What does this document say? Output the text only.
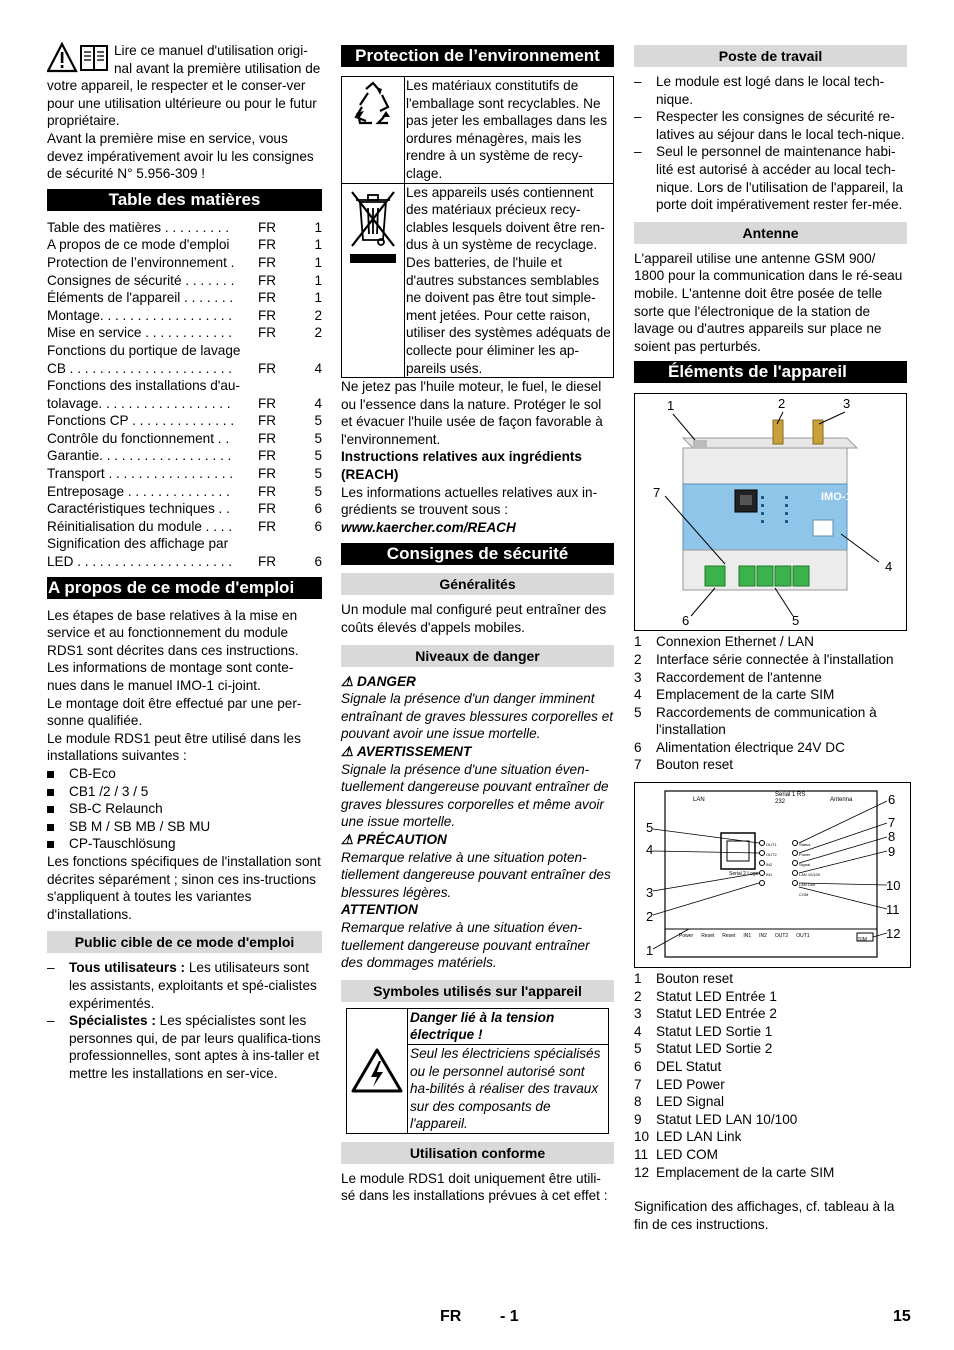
Lire ce manuel d'utilisation origi-nal avant la première utilisation de votre appareil, le respecter et le conser-ver pour une utilisation ultérieure ou pour le futur propriétaire.

Avant la première mise en service, vous devez impérativement avoir lu les consignes de sécurité N° 5.956-309 !

Table des matières
Table des matières . . . . . . . . .	FR	1
A propos de ce mode d'emploi	FR	1
Protection de l’environnement .	FR	1
Consignes de sécurité . . . . . . .	FR	1
Éléments de l'appareil . . . . . . .	FR	1
Montage. . . . . . . . . . . . . . . . . .	FR	2
Mise en service . . . . . . . . . . . .	FR	2
Fonctions du portique de lavage
CB . . . . . . . . . . . . . . . . . . . . . .	FR	4
Fonctions des installations d'au-
tolavage. . . . . . . . . . . . . . . . . .	FR	4
Fonctions CP . . . . . . . . . . . . . .	FR	5
Contrôle du fonctionnement . .	FR	5
Garantie. . . . . . . . . . . . . . . . . .	FR	5
Transport . . . . . . . . . . . . . . . . .	FR	5
Entreposage . . . . . . . . . . . . . .	FR	5
Caractéristiques techniques . .	FR	6
Réinitialisation du module . . . .	FR	6
Signification des affichage par
LED . . . . . . . . . . . . . . . . . . . . .	FR	6
A propos de ce mode d'emploi

Les étapes de base relatives à la mise en service et au fonctionnement du module RDS1 sont décrites dans ces instructions.

Les informations de montage sont conte-nues dans le manuel IMO-1 ci-joint.

Le montage doit être effectué par une per-sonne qualifiée.

Le module RDS1 peut être utilisé dans les installations suivantes :

CB-Eco
CB1 /2 / 3 / 5
SB-C Relaunch
SB M / SB MB / SB MU
CP-Tauschlösung

Les fonctions spécifiques de l'installation sont décrites séparément ; sinon ces ins-tructions s'appliquent à toutes les variantes d'installations.

Public cible de ce mode d'emploi
–	Tous utilisateurs : Les utilisateurs sont les assistants, exploitants et spé-cialistes expérimentés.
–	Spécialistes : Les spécialistes sont les personnes qui, de par leurs qualifica-tions professionnelles, sont aptes à ins-taller et mettre les installations en ser-vice.
Protection de l’environnement
	Les matériaux constitutifs de l'emballage sont recyclables. Ne pas jeter les emballages dans les ordures ménagères, mais les rendre à un système de recy-clage.
	Les appareils usés contiennent des matériaux précieux recy-clables lesquels doivent être ren-dus à un système de recyclage. Des batteries, de l'huile et d'autres substances semblables ne doivent pas être tout simple-ment jetées. Pour cette raison, utiliser des systèmes adéquats de collecte pour éliminer les ap-pareils usés.

Ne jetez pas l'huile moteur, le fuel, le diesel ou l'essence dans la nature. Protéger le sol et évacuer l'huile usée de façon favorable à l'environnement.

Instructions relatives aux ingrédients (REACH)

Les informations actuelles relatives aux in-grédients se trouvent sous :

www.kaercher.com/REACH

Consignes de sécurité
Généralités

Un module mal configuré peut entraîner des coûts élevés d'appels mobiles.

Niveaux de danger

⚠ DANGER

Signale la présence d'un danger imminent entraînant de graves blessures corporelles et pouvant avoir une issue mortelle.

⚠ AVERTISSEMENT

Signale la présence d'une situation éven-tuellement dangereuse pouvant entraîner de graves blessures corporelles et même avoir une issue mortelle.

⚠ PRÉCAUTION

Remarque relative à une situation poten-tiellement dangereuse pouvant entraîner des blessures légères.

ATTENTION

Remarque relative à une situation éven-tuellement dangereuse pouvant entraîner des dommages matériels.

Symboles utilisés sur l'appareil
Danger lié à la tension électrique !
Seul les électriciens spécialisés ou le personnel autorisé sont ha-bilités à réaliser des travaux sur des composants de l'appareil.
Utilisation conforme

Le module RDS1 doit uniquement être utili-sé dans les installations prévues à cet effet :

Poste de travail
–	Le module est logé dans le local tech-nique.
–	Respecter les consignes de sécurité re-latives au séjour dans le local tech-nique.
–	Seul le personnel de maintenance habi-lité est autorisé à accéder au local tech-nique. Lors de l'utilisation de l'appareil, la porte doit impérativement rester fer-mée.
Antenne

L'appareil utilise une antenne GSM 900/ 1800 pour la communication dans le ré-seau mobile. L'antenne doit être posée de telle sorte que l'électronique de la station de lavage ou d'autres appareils sur place ne soient pas perturbés.

Éléments de l'appareil
1	2	3
4
5
6
7	IMO-1
1	Connexion Ethernet / LAN
2	Interface série connectée à l'installation
3	Raccordement de l'antenne
4	Emplacement de la carte SIM
5	Raccordements de communication à l'installation
6	Alimentation électrique 24V DC
7	Bouton reset
LAN
Serial 1 RS 232	Antenna
Serial 2 Logo
SIM
Power Reset Reset IN1 IN2 OUT2 OUT1
OUT1
OUT2
IN2
IN1
Status
Power
Signal
LAN 10/100
LAN Link
COM
5
4
3
2
1
6
7
8
9
10
11
12
1	Bouton reset
2	Statut LED Entrée 1
3	Statut LED Entrée 2
4	Statut LED Sortie 1
5	Statut LED Sortie 2
6	DEL Statut
7	LED Power
8	LED Signal
9	Statut LED LAN 10/100
10 LED LAN Link
11 LED COM
12 Emplacement de la carte SIM

Signification des affichages, cf. tableau à la fin de ces instructions.

FR - 1	15
